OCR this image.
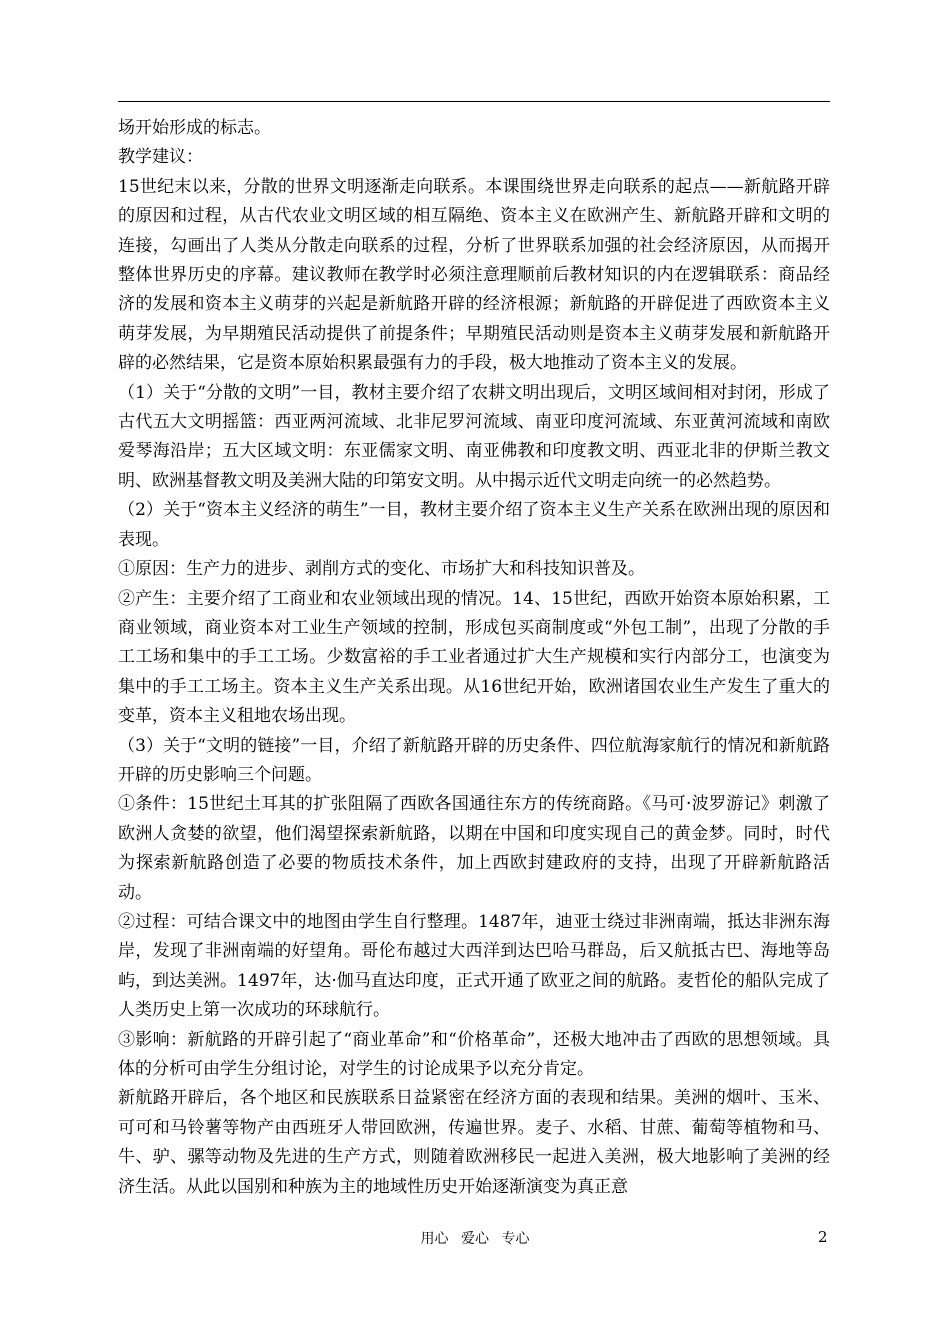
场开始形成的标志。

教学建议：

15世纪末以来，分散的世界文明逐渐走向联系。本课围绕世界走向联系的起点——新航路开辟的原因和过程，从古代农业文明区域的相互隔绝、资本主义在欧洲产生、新航路开辟和文明的连接，勾画出了人类从分散走向联系的过程，分析了世界联系加强的社会经济原因，从而揭开整体世界历史的序幕。建议教师在教学时必须注意理顺前后教材知识的内在逻辑联系：商品经济的发展和资本主义萌芽的兴起是新航路开辟的经济根源；新航路的开辟促进了西欧资本主义萌芽发展，为早期殖民活动提供了前提条件；早期殖民活动则是资本主义萌芽发展和新航路开辟的必然结果，它是资本原始积累最强有力的手段，极大地推动了资本主义的发展。

（1）关于“分散的文明”一目，教材主要介绍了农耕文明出现后，文明区域间相对封闭，形成了古代五大文明摇篮：西亚两河流域、北非尼罗河流域、南亚印度河流域、东亚黄河流域和南欧爱琴海沿岸；五大区域文明：东亚儒家文明、南亚佛教和印度教文明、西亚北非的伊斯兰教文明、欧洲基督教文明及美洲大陆的印第安文明。从中揭示近代文明走向统一的必然趋势。

（2）关于“资本主义经济的萌生”一目，教材主要介绍了资本主义生产关系在欧洲出现的原因和表现。

①原因：生产力的进步、剥削方式的变化、市场扩大和科技知识普及。

②产生：主要介绍了工商业和农业领域出现的情况。14、15世纪，西欧开始资本原始积累，工商业领域，商业资本对工业生产领域的控制，形成包买商制度或“外包工制”，出现了分散的手工工场和集中的手工工场。少数富裕的手工业者通过扩大生产规模和实行内部分工，也演变为集中的手工工场主。资本主义生产关系出现。从16世纪开始，欧洲诸国农业生产发生了重大的变革，资本主义租地农场出现。

（3）关于“文明的链接”一目，介绍了新航路开辟的历史条件、四位航海家航行的情况和新航路开辟的历史影响三个问题。

①条件：15世纪土耳其的扩张阻隔了西欧各国通往东方的传统商路。《马可·波罗游记》刺激了欧洲人贪婪的欲望，他们渴望探索新航路，以期在中国和印度实现自己的黄金梦。同时，时代为探索新航路创造了必要的物质技术条件，加上西欧封建政府的支持，出现了开辟新航路活动。

②过程：可结合课文中的地图由学生自行整理。1487年，迪亚士绕过非洲南端，抵达非洲东海岸，发现了非洲南端的好望角。哥伦布越过大西洋到达巴哈马群岛，后又航抵古巴、海地等岛屿，到达美洲。1497年，达·伽马直达印度，正式开通了欧亚之间的航路。麦哲伦的船队完成了人类历史上第一次成功的环球航行。

③影响：新航路的开辟引起了“商业革命”和“价格革命”，还极大地冲击了西欧的思想领域。具体的分析可由学生分组讨论，对学生的讨论成果予以充分肯定。

新航路开辟后，各个地区和民族联系日益紧密在经济方面的表现和结果。美洲的烟叶、玉米、可可和马铃薯等物产由西班牙人带回欧洲，传遍世界。麦子、水稻、甘蔗、葡萄等植物和马、牛、驴、骡等动物及先进的生产方式，则随着欧洲移民一起进入美洲，极大地影响了美洲的经济生活。从此以国别和种族为主的地域性历史开始逐渐演变为真正意

用心 爱心 专心	2
